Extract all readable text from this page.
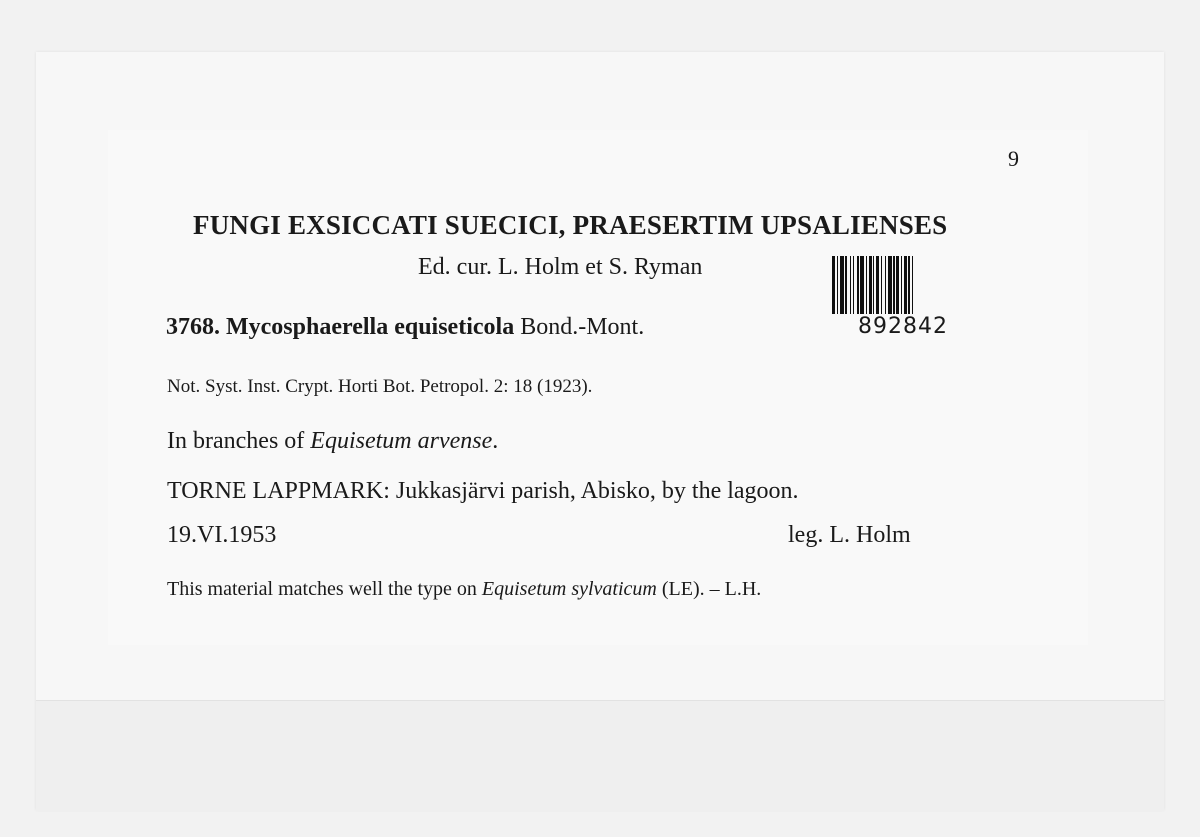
9
FUNGI EXSICCATI SUECICI, PRAESERTIM UPSALIENSES
Ed. cur. L. Holm et S. Ryman
892842
3768. Mycosphaerella equiseticola Bond.-Mont.
Not. Syst. Inst. Crypt. Horti Bot. Petropol. 2: 18 (1923).
In branches of Equisetum arvense.
TORNE LAPPMARK: Jukkasjärvi parish, Abisko, by the lagoon.
19.VI.1953	leg. L. Holm
This material matches well the type on Equisetum sylvaticum (LE). – L.H.
